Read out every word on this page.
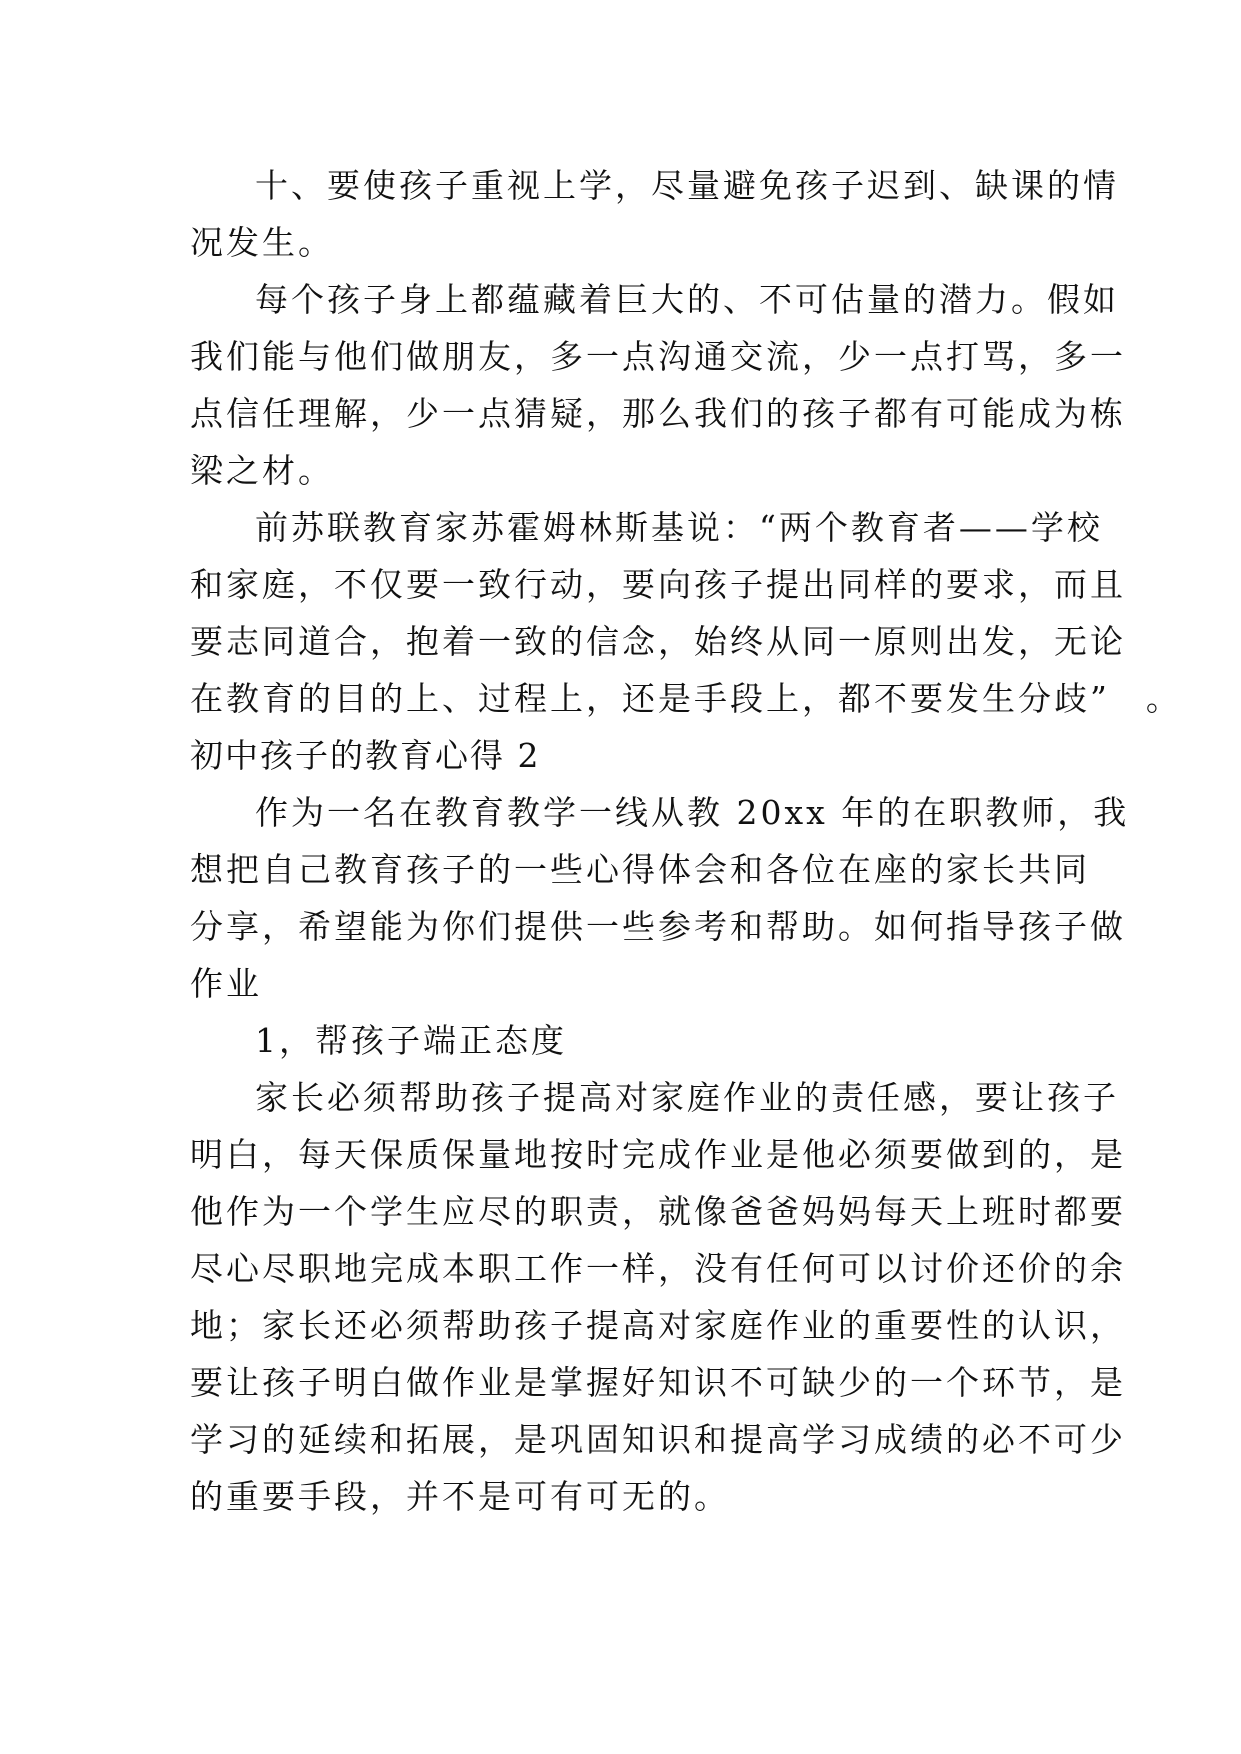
十、要使孩子重视上学，尽量避免孩子迟到、缺课的情
况发生。
每个孩子身上都蕴藏着巨大的、不可估量的潜力。假如
我们能与他们做朋友，多一点沟通交流，少一点打骂，多一
点信任理解，少一点猜疑，那么我们的孩子都有可能成为栋
梁之材。
前苏联教育家苏霍姆林斯基说：“两个教育者——学校
和家庭，不仅要一致行动，要向孩子提出同样的要求，而且
要志同道合，抱着一致的信念，始终从同一原则出发，无论
在教育的目的上、过程上，还是手段上，都不要发生分歧”　。
初中孩子的教育心得 2
作为一名在教育教学一线从教 20xx 年的在职教师，我
想把自己教育孩子的一些心得体会和各位在座的家长共同
分享，希望能为你们提供一些参考和帮助。如何指导孩子做
作业
1，帮孩子端正态度
家长必须帮助孩子提高对家庭作业的责任感，要让孩子
明白，每天保质保量地按时完成作业是他必须要做到的，是
他作为一个学生应尽的职责，就像爸爸妈妈每天上班时都要
尽心尽职地完成本职工作一样，没有任何可以讨价还价的余
地；家长还必须帮助孩子提高对家庭作业的重要性的认识，
要让孩子明白做作业是掌握好知识不可缺少的一个环节，是
学习的延续和拓展，是巩固知识和提高学习成绩的必不可少
的重要手段，并不是可有可无的。
